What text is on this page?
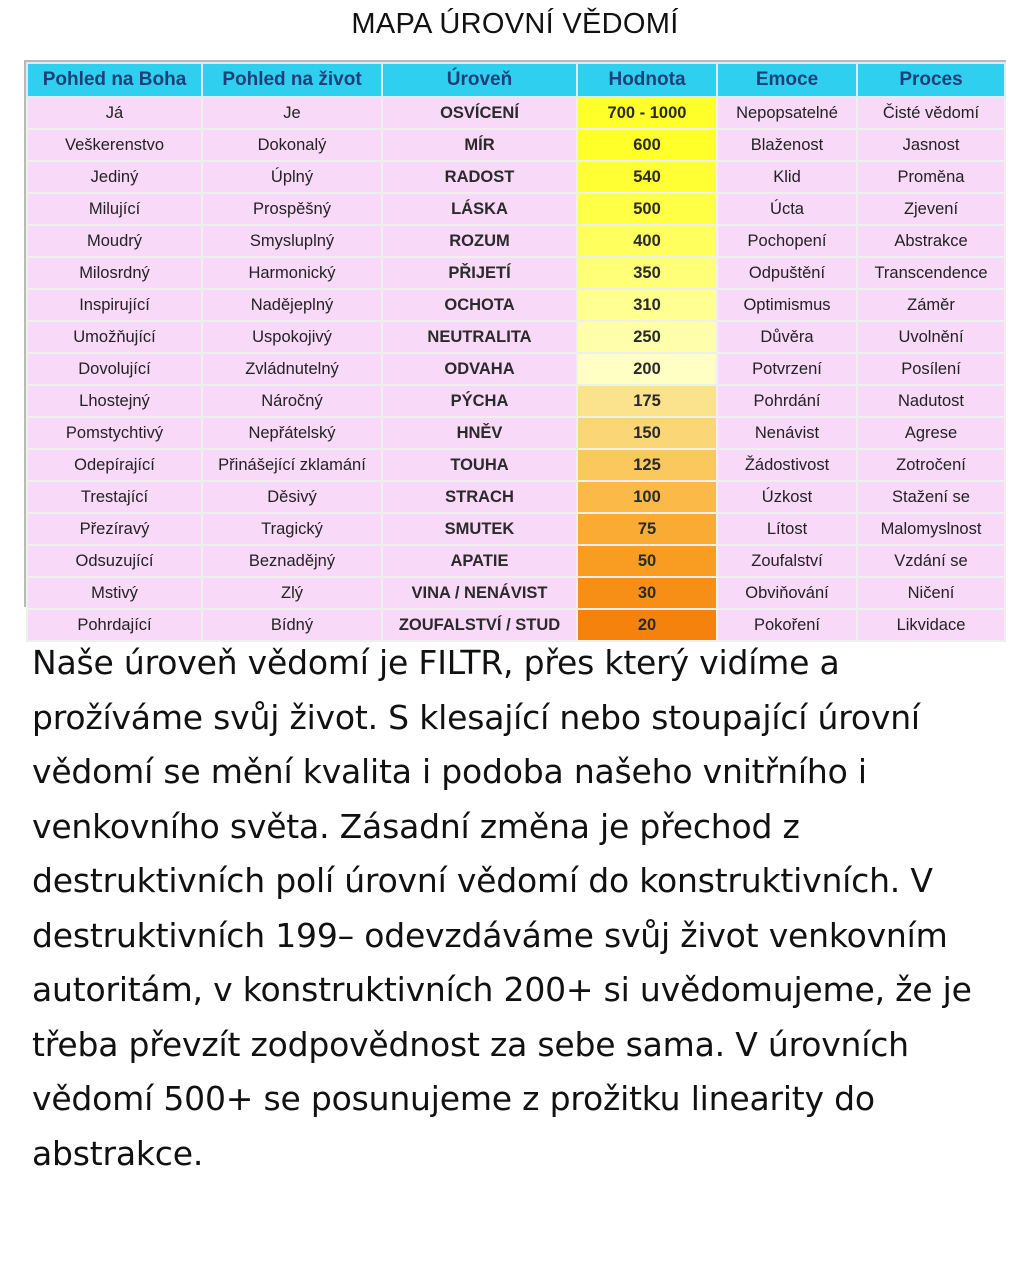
MAPA ÚROVNÍ VĚDOMÍ
Pohled na Boha	Pohled na život	Úroveň	Hodnota	Emoce	Proces
Já	Je	OSVÍCENÍ	700 - 1000	Nepopsatelné	Čisté vědomí
Veškerenstvo	Dokonalý	MÍR	600	Blaženost	Jasnost
Jediný	Úplný	RADOST	540	Klid	Proměna
Milující	Prospěšný	LÁSKA	500	Úcta	Zjevení
Moudrý	Smysluplný	ROZUM	400	Pochopení	Abstrakce
Milosrdný	Harmonický	PŘIJETÍ	350	Odpuštění	Transcendence
Inspirující	Nadějeplný	OCHOTA	310	Optimismus	Záměr
Umožňující	Uspokojivý	NEUTRALITA	250	Důvěra	Uvolnění
Dovolující	Zvládnutelný	ODVAHA	200	Potvrzení	Posílení
Lhostejný	Náročný	PÝCHA	175	Pohrdání	Nadutost
Pomstychtivý	Nepřátelský	HNĚV	150	Nenávist	Agrese
Odepírající	Přinášející zklamání	TOUHA	125	Žádostivost	Zotročení
Trestající	Děsivý	STRACH	100	Úzkost	Stažení se
Přezíravý	Tragický	SMUTEK	75	Lítost	Malomyslnost
Odsuzující	Beznadějný	APATIE	50	Zoufalství	Vzdání se
Mstivý	Zlý	VINA / NENÁVIST	30	Obviňování	Ničení
Pohrdající	Bídný	ZOUFALSTVÍ / STUD	20	Pokoření	Likvidace
Naše úroveň vědomí je FILTR, přes který vidíme a prožíváme svůj život. S klesající nebo stoupající úrovní vědomí se mění kvalita i podoba našeho vnitřního i venkovního světa. Zásadní změna je přechod z destruktivních polí úrovní vědomí do konstruktivních. V destruktivních 199– odevzdáváme svůj život venkovním autoritám, v konstruktivních 200+ si uvědomujeme, že je třeba převzít zodpovědnost za sebe sama. V úrovních vědomí 500+ se posunujeme z prožitku linearity do abstrakce.
